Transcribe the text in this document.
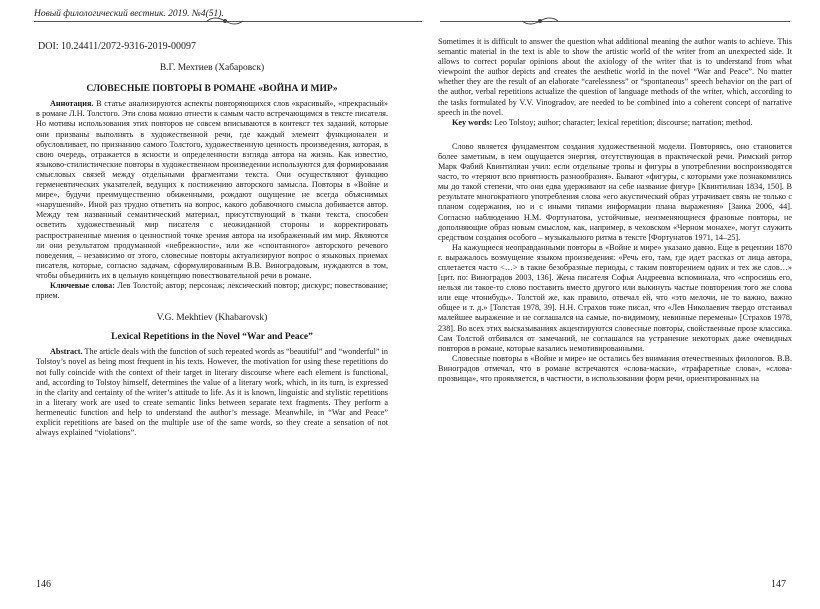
Новый филологический вестник. 2019. №4(51).

DOI: 10.24411/2072-9316-2019-00097

В.Г. Мехтиев (Хабаровск)

СЛОВЕСНЫЕ ПОВТОРЫ В РОМАНЕ «ВОЙНА И МИР»

Аннотация. В статье анализируются аспекты повторяющихся слов «красивый», «прекрасный» в романе Л.Н. Толстого. Эти слова можно отнести к самым часто встречающимся в тексте писателя. Но мотивы использования этих повторов не совсем вписываются в контекст тех заданий, которые они призваны выполнять в художественной речи, где каждый элемент функционален и обусловливает, по признанию самого Толстого, художественную ценность произведения, которая, в свою очередь, отражается в ясности и определенности взгляда автора на жизнь. Как известно, языково-стилистические повторы в художественном произведении используются для формирования смысловых связей между отдельными фрагментами текста. Они осуществляют функцию герменевтических указателей, ведущих к постижению авторского замысла. Повторы в «Войне и мире», будучи преимущественно обиженными, рождают ощущение не всегда объяснимых «нарушений». Иной раз трудно ответить на вопрос, какого добавочного смысла добивается автор. Между тем названный семантический материал, присутствующий в ткани текста, способен осветить художественный мир писателя с неожиданной стороны и корректировать распространенные мнения о ценностной точке зрения автора на изображенный им мир. Являются ли они результатом продуманной «небрежности», или же «спонтанного» авторского речевого поведения, – независимо от этого, словесные повторы актуализируют вопрос о языковых приемах писателя, которые, согласно задачам, сформулированным В.В. Виноградовым, нуждаются в том, чтобы объединить их в цельную концепцию повествовательной речи в романе.

Ключевые слова: Лев Толстой; автор; персонаж; лексический повтор; дискурс; повествование; прием.

V.G. Mekhtiev (Khabarovsk)

Lexical Repetitions in the Novel “War and Peace”

Abstract. The article deals with the function of such repeated words as “beautiful” and “wonderful” in Tolstoy’s novel as being most frequent in his texts. However, the motivation for using these repetitions do not fully coincide with the context of their target in literary discourse where each element is functional, and, according to Tolstoy himself, determines the value of a literary work, which, in its turn, is expressed in the clarity and certainty of the writer’s attitude to life. As it is known, linguistic and stylistic repetitions in a literary work are used to create semantic links between separate text fragments. They perform a hermeneutic function and help to understand the author’s message. Meanwhile, in “War and Peace” explicit repetitions are based on the multiple use of the same words, so they create a sensation of not always explained “violations”.

Sometimes it is difficult to answer the question what additional meaning the author wants to achieve. This semantic material in the text is able to show the artistic world of the writer from an unexpected side. It allows to correct popular opinions about the axiology of the writer that is to understand from what viewpoint the author depicts and creates the aesthetic world in the novel “War and Peace”. No matter whether they are the result of an elaborate “carelessness” or “spontaneous” speech behavior on the part of the author, verbal repetitions actualize the question of language methods of the writer, which, according to the tasks formulated by V.V. Vinogradov, are needed to be combined into a coherent concept of narrative speech in the novel.

Key words: Leo Tolstoy; author; character; lexical repetition; discourse; narration; method.

Слово является фундаментом создания художественной модели. Повторяясь, оно становится более заметным, в нем ощущается энергия, отсутствующая в практической речи. Римский ритор Марк Фабий Квинтилиан учил: если отдельные тропы и фигуры в употреблении воспроизводятся часто, то «теряют всю приятность разнообразия». Бывают «фигуры, с которыми уже познакомились мы до такой степени, что они едва удерживают на себе название фигур» [Квинтилиан 1834, 150]. В результате многократного употребления слова «его акустический образ утрачивает связь не только с планом содержания, но и с иными типами информации плана выражения» [Заика 2006, 44]. Согласно наблюдению Н.М. Фортунатова, устойчивые, неизменяющиеся фразовые повторы, не дополняющие образ новым смыслом, как, например, в чеховском «Черном монахе», могут служить средством создания особого – музыкального ритма в тексте [Фортунатов 1971, 14–25].

На кажущиеся неоправданными повторы в «Войне и мире» указано давно. Еще в рецензии 1870 г. выражалось возмущение языком произведения: «Речь его, там, где идет рассказ от лица автора, сплетается часто <…> в такие безобразные периоды, с таким повторением одних и тех же слов…» [цит. по: Виноградов 2003, 136]. Жена писателя Софья Андреевна вспоминала, что «спросишь его, нельзя ли такое-то слово поставить вместо другого или выкинуть частые повторения того же слова или еще чтонибудь». Толстой же, как правило, отвечал ей, что «это мелочи, не то важно, важно общее и т. д.» [Толстая 1978, 39]. Н.Н. Страхов тоже писал, что «Лев Николаевич твердо отстаивал малейшее выражение и не соглашался на самые, по-видимому, невинные перемены» [Страхов 1978, 238]. Во всех этих высказываниях акцентируются словесные повторы, свойственные прозе классика. Сам Толстой отбивался от замечаний, не соглашался на устранение некоторых даже очевидных повторов в романе, которые казались немотивированными.

Словесные повторы в «Войне и мире» не остались без внимания отечественных филологов. В.В. Виноградов отмечал, что в романе встречаются «слова-маски», «трафаретные слова», «слова-прозвища», что проявляется, в частности, в использовании форм речи, ориентированных на

146	147
